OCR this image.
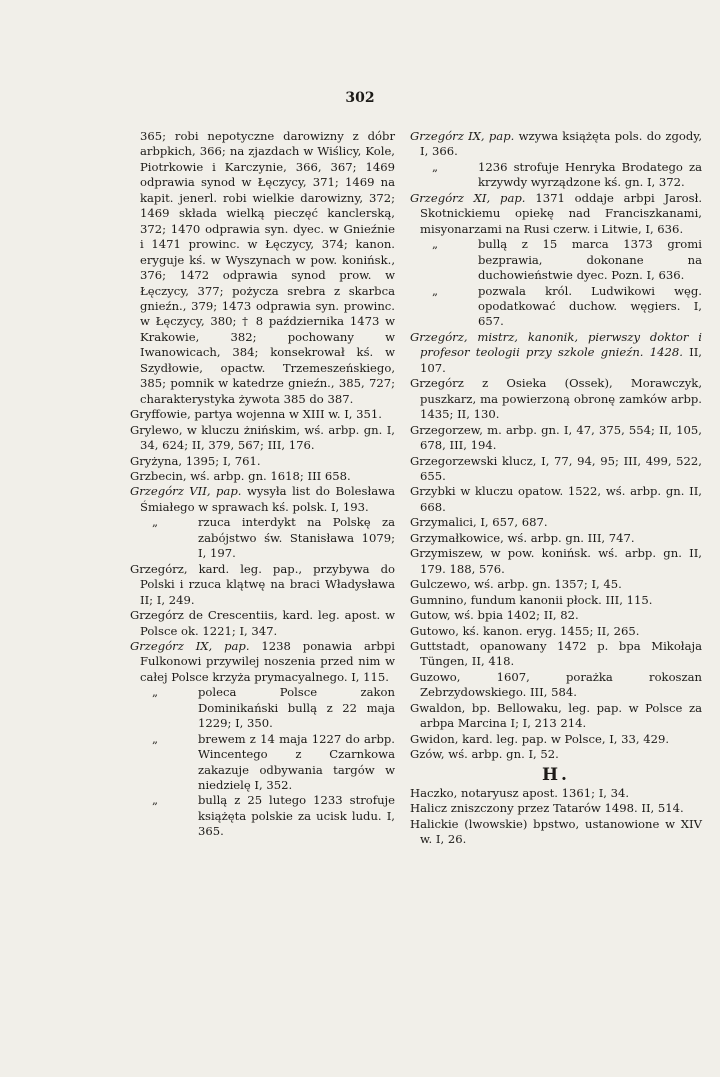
302

365; robi nepotyczne darowizny z dóbr arbpkich, 366; na zjazdach w Wiślicy, Kole, Piotrkowie i Karczynie, 366, 367; 1469 odprawia synod w Łęczycy, 371; 1469 na kapit. jenerl. robi wielkie darowizny, 372; 1469 składa wielką pieczęć kanclerską, 372; 1470 odprawia syn. dyec. w Gnieźnie i 1471 prowinc. w Łęczycy, 374; kanon. eryguje kś. w Wyszynach w pow. konińsk., 376; 1472 odprawia synod prow. w Łęczycy, 377; pożycza srebra z skarbca gnieźn., 379; 1473 odprawia syn. prowinc. w Łęczycy, 380; † 8 października 1473 w Krakowie, 382; pochowany w Iwanowicach, 384; konsekrował kś. w Szydłowie, opactw. Trzemeszeńskiego, 385; pomnik w katedrze gnieźn., 385, 727; charakterystyka żywota 385 do 387.

Gryffowie, partya wojenna w XIII w. I, 351.

Grylewo, w kluczu żnińskim, wś. arbp. gn. I, 34, 624; II, 379, 567; III, 176.

Gryżyna, 1395; I, 761.

Grzbecin, wś. arbp. gn. 1618; III 658.

Grzegórz VII, pap. wysyła list do Bolesława Śmiałego w sprawach kś. polsk. I, 193.

„	rzuca interdykt na Polskę za zabójstwo św. Stanisława 1079; I, 197.

Grzegórz, kard. leg. pap., przybywa do Polski i rzuca klątwę na braci Władysława II; I, 249.

Grzegórz de Crescentiis, kard. leg. apost. w Polsce ok. 1221; I, 347.

Grzegórz IX, pap. 1238 ponawia arbpi Fulkonowi przywilej noszenia przed nim w całej Polsce krzyża prymacyalnego. I, 115.

„	poleca Polsce zakon Dominikański bullą z 22 maja 1229; I, 350.

„	brewem z 14 maja 1227 do arbp. Wincentego z Czarnkowa zakazuje odbywania targów w niedzielę I, 352.

„	bullą z 25 lutego 1233 strofuje książęta polskie za ucisk ludu. I, 365.

Grzegórz IX, pap. wzywa książęta pols. do zgody, I, 366.

„	1236 strofuje Henryka Brodatego za krzywdy wyrządzone kś. gn. I, 372.

Grzegórz XI, pap. 1371 oddaje arbpi Jarosł. Skotnickiemu opiekę nad Franciszkanami, misyonarzami na Rusi czerw. i Litwie, I, 636.

„	bullą z 15 marca 1373 gromi bezprawia, dokonane na duchowieństwie dyec. Pozn. I, 636.

„	pozwala król. Ludwikowi węg. opodatkować duchow. węgiers. I, 657.

Grzegórz, mistrz, kanonik, pierwszy doktor i profesor teologii przy szkole gnieźn. 1428. II, 107.

Grzegórz z Osieka (Ossek), Morawczyk, puszkarz, ma powierzoną obronę zamków arbp. 1435; II, 130.

Grzegorzew, m. arbp. gn. I, 47, 375, 554; II, 105, 678, III, 194.

Grzegorzewski klucz, I, 77, 94, 95; III, 499, 522, 655.

Grzybki w kluczu opatow. 1522, wś. arbp. gn. II, 668.

Grzymalici, I, 657, 687.

Grzymałkowice, wś. arbp. gn. III, 747.

Grzymiszew, w pow. konińsk. wś. arbp. gn. II, 179. 188, 576.

Gulczewo, wś. arbp. gn. 1357; I, 45.

Gumnino, fundum kanonii płock. III, 115.

Gutow, wś. bpia 1402; II, 82.

Gutowo, kś. kanon. eryg. 1455; II, 265.

Guttstadt, opanowany 1472 p. bpa Mikołaja Tüngen, II, 418.

Guzowo, 1607, porażka rokoszan Zebrzydowskiego. III, 584.

Gwaldon, bp. Bellowaku, leg. pap. w Polsce za arbpa Marcina I; I, 213 214.

Gwidon, kard. leg. pap. w Polsce, I, 33, 429.

Gzów, wś. arbp. gn. I, 52.

H.

Haczko, notaryusz apost. 1361; I, 34.

Halicz zniszczony przez Tatarów 1498. II, 514.

Halickie (lwowskie) bpstwo, ustanowione w XIV w. I, 26.
